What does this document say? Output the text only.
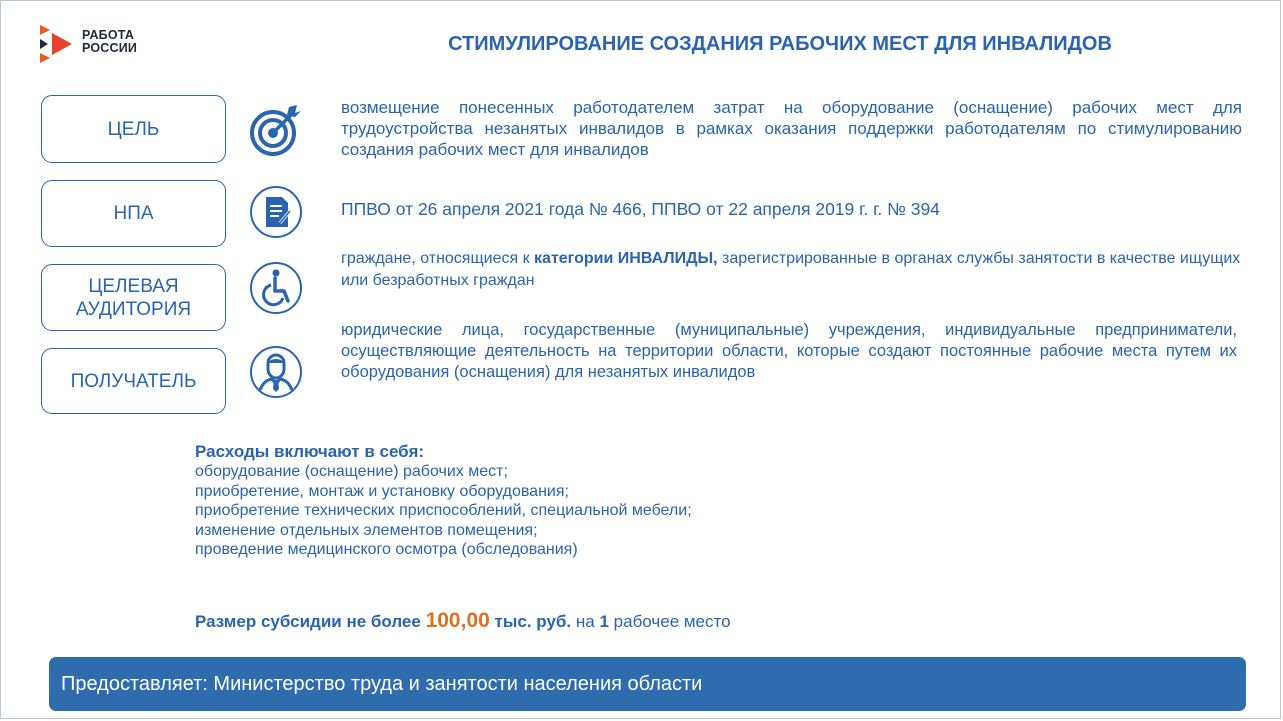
РАБОТА
РОССИИ	СТИМУЛИРОВАНИЕ СОЗДАНИЯ РАБОЧИХ МЕСТ ДЛЯ ИНВАЛИДОВ
ЦЕЛЬ
возмещение понесенных работодателем затрат на оборудование (оснащение) рабочих мест для трудоустройства незанятых инвалидов в рамках оказания поддержки работодателям по стимулированию создания рабочих мест для инвалидов
НПА	ППВО от 26 апреля 2021 года № 466, ППВО от 22 апреля 2019 г. г. № 394
ЦЕЛЕВАЯ
АУДИТОРИЯ
граждане, относящиеся к категории ИНВАЛИДЫ, зарегистрированные в органах службы занятости в качестве ищущих или безработных граждан
ПОЛУЧАТЕЛЬ
юридические лица, государственные (муниципальные) учреждения, индивидуальные предприниматели, осуществляющие деятельность на территории области, которые создают постоянные рабочие места путем их оборудования (оснащения) для незанятых инвалидов
Расходы включают в себя:
оборудование (оснащение) рабочих мест;
приобретение, монтаж и установку оборудования;
приобретение технических приспособлений, специальной мебели;
изменение отдельных элементов помещения;
проведение медицинского осмотра (обследования)
Размер субсидии не более 100,00 тыс. руб. на 1 рабочее место
Предоставляет: Министерство труда и занятости населения области
